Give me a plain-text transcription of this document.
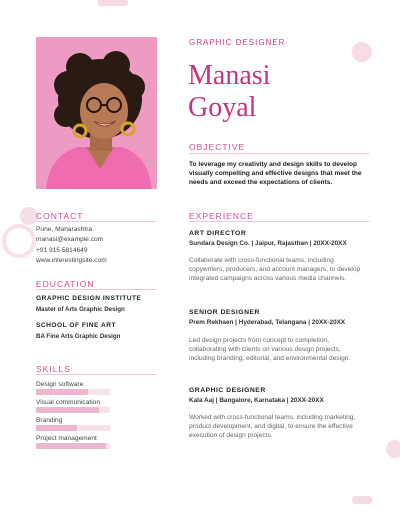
GRAPHIC DESIGNER
Manasi
Goyal
OBJECTIVE
To leverage my creativity and design skills to develop visually compelling and effective designs that meet the needs and exceed the expectations of clients.
CONTACT
Pune, Maharashtra
manasi@example.com
+91 915 5814649
www.interestingsite.com
EDUCATION
GRAPHIC DESIGN INSTITUTE
Master of Arts Graphic Design
SCHOOL OF FINE ART
BA Fine Arts Graphic Design
SKILLS
Design software
Visual communication
Branding
Project management
EXPERIENCE
ART DIRECTOR
Sundara Design Co. | Jaipur, Rajasthan | 20XX-20XX
Collaborate with cross-functional teams, including copywriters, producers, and account managers, to develop integrated campaigns across various media channels.
SENIOR DESIGNER
Prem Rekhaen | Hyderabad, Telangana | 20XX-20XX
Led design projects from concept to completion, collaborating with clients on various design projects, including branding, editorial, and environmental design.
GRAPHIC DESIGNER
Kala Aaj | Bangalore, Karnataka | 20XX-20XX
Worked with cross-functional teams, including marketing, product development, and digital, to ensure the effective execution of design projects.
